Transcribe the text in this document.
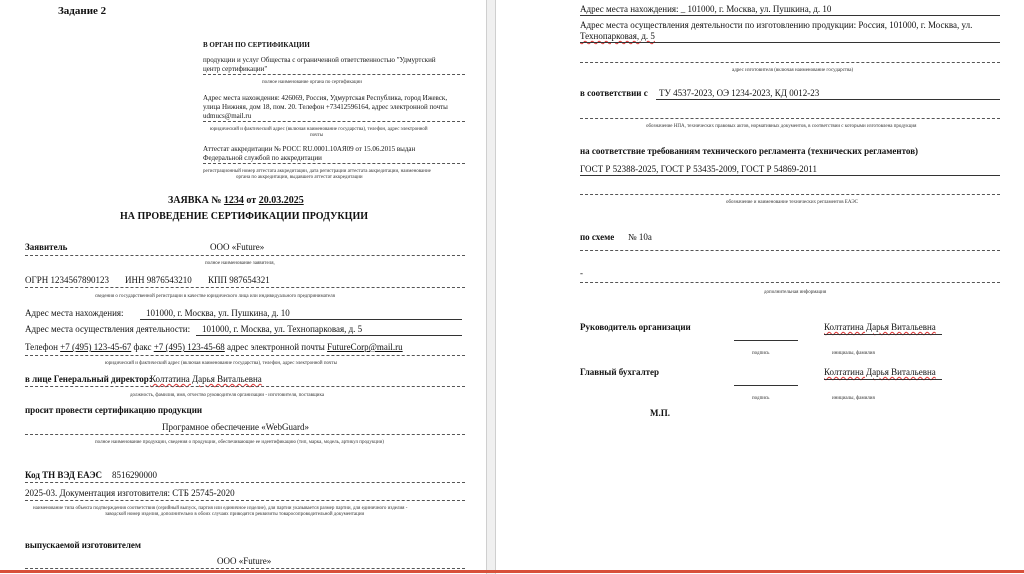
Задание 2
В ОРГАН ПО СЕРТИФИКАЦИИ
продукции и услуг Общества с ограниченной ответственностью "Удмуртский
центр сертификации"
полное наименование органа по сертификации
Адрес места нахождения: 426069, Россия, Удмуртская Республика, город Ижевск,
улица Нижняя, дом 18, пом. 20. Телефон +73412596164, адрес электронной почты
udmucs@mail.ru
юридический и фактический адрес (включая наименование государства), телефон, адрес электронной
почты
Аттестат аккредитации № РОСС RU.0001.10АЯ09 от 15.06.2015 выдан
Федеральной службой по аккредитации
регистрационный номер аттестата аккредитации, дата регистрации аттестата аккредитации, наименование
органа по аккредитации, выдавшего аттестат аккредитации
ЗАЯВКА № 1234 от 20.03.2025
НА ПРОВЕДЕНИЕ СЕРТИФИКАЦИИ ПРОДУКЦИИ
Заявитель	ООО «Future»
полное наименование заявителя,
ОГРН 1234567890123 ИНН 9876543210 КПП 987654321
сведения о государственной регистрации в качестве юридического лица или индивидуального предпринимателя
Адрес места нахождения: 101000, г. Москва, ул. Пушкина, д. 10
Адрес места осуществления деятельности: 101000, г. Москва, ул. Технопарковая, д. 5
Телефон +7 (495) 123-45-67 факс +7 (495) 123-45-68 адрес электронной почты FutureCorp@mail.ru
юридический и фактический адрес (включая наименование государства), телефон, адрес электронной почты
в лице Генеральный директор:
Колтатина Дарья Витальевна
должность, фамилия, имя, отчество руководителя организации - изготовителя, поставщика
просит провести сертификацию продукции
Програмное обеспечение «WebGuard»
полное наименование продукции, сведения о продукции, обеспечивающие ее идентификацию (тип, марка, модель, артикул продукции)
Код ТН ВЭД ЕАЭС 8516290000
2025-03. Документация изготовителя: СТБ 25745-2020
наименование типа объекта подтверждения соответствия (серийный выпуск, партия или единичное изделие), для партии указывается размер партии, для единичного изделия -
заводской номер изделия, дополнительно в обоих случаях приводятся реквизиты товаросопроводительной документации
выпускаемой изготовителем
ООО «Future»
Адрес места нахождения: _ 101000, г. Москва, ул. Пушкина, д. 10
Адрес места осуществления деятельности по изготовлению продукции: Россия, 101000, г. Москва, ул.
Технопарковая, д. 5
адрес изготовителя (включая наименование государства)
в соответствии с ТУ 4537-2023, ОЭ 1234-2023, КД 0012-23
обозначение НПА, технических правовых актов, нормативных документов, в соответствии с которыми изготовлена продукция
на соответствие требованиям технического регламента (технических регламентов)
ГОСТ Р 52388-2025, ГОСТ Р 53435-2009, ГОСТ Р 54869-2011
обозначение и наименование технических регламентов ЕАЭС
по схеме № 10а
-
дополнительная информация
Руководитель организации	Колтатина Дарья Витальевна
подпись	инициалы, фамилия
Главный бухгалтер	Колтатина Дарья Витальевна
подпись	инициалы, фамилия
М.П.
